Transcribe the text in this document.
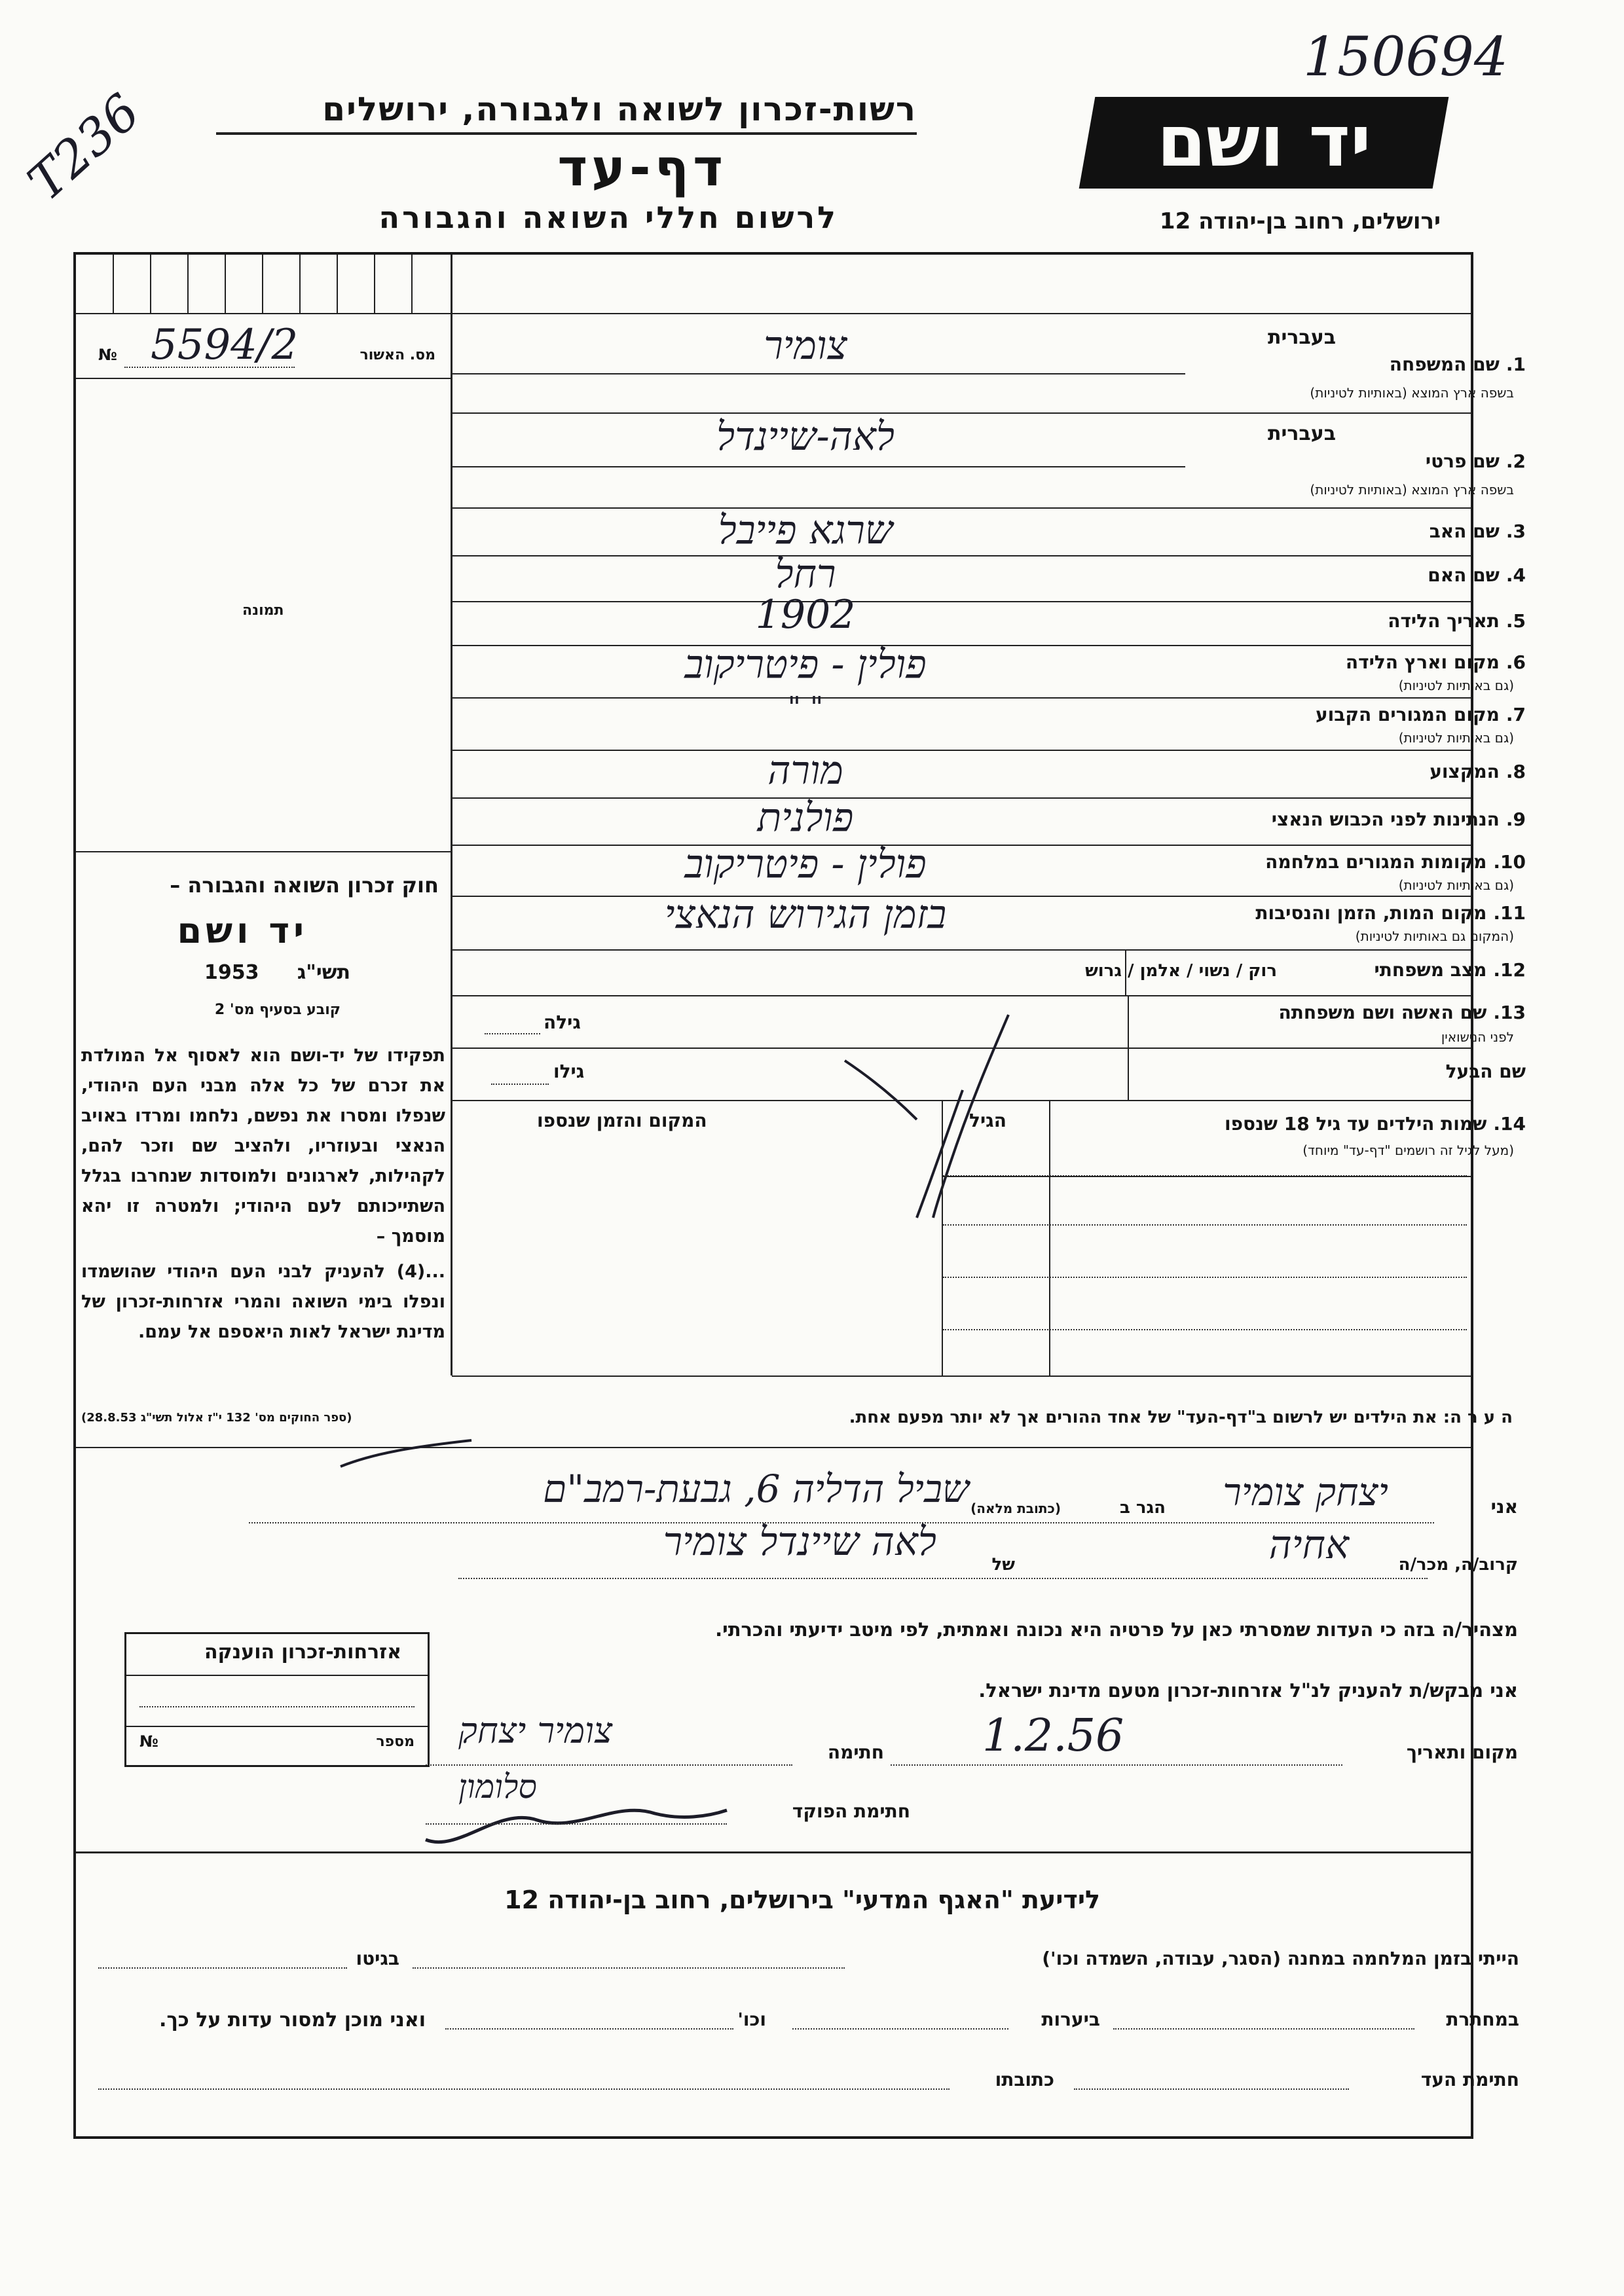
150694
T236	רשות-זכרון לשואה ולגבורה, ירושלים
דף-עד
לרשום חללי השואה והגבורה
יד ושם
ירושלים, רחוב בן-יהודה 12
מס. האשור
№ 5594/2
תמונה
חוק זכרון השואה והגבורה –
יד ושם
תשי"ג
1953
קובע בסעיף מס' 2
תפקידו של יד-ושם הוא לאסוף אל המולדת את זכרם של כל אלה מבני העם היהודי, שנפלו ומסרו את נפשם, נלחמו ומרדו באויב הנאצי ובעוזריו, ולהציב שם וזכר להם, לקהילות, לארגונים ולמוסדות שנחרבו בגלל השתייכותם לעם היהודי; ולמטרה זו יהא מוסמך –
...(4) להעניק לבני העם היהודי שהושמדו ונפלו בימי השואה והמרי אזרחות-זכרון של מדינת ישראל לאות היאספם אל עמם.
(ספר החוקים מס' 132 י"ז אלול תשי"ג 28.8.53)
בעברית
בעברית
1.שם המשפחה
בשפה ארץ המוצא (באותיות לטיניות)
צומיר
2.שם פרטי
בשפה ארץ המוצא (באותיות לטיניות)
לאה-שיינדל
3.שם האב
שרגא פייבל
4.שם האם
רחל
5.תאריך הלידה
1902
6.מקום וארץ הלידה
(גם באותיות לטיניות)
פולין - פיטריקוב
7.מקום המגורים הקבוע
(גם באותיות לטיניות)
" "
8.המקצוע
מורה
9.הנתינות לפני הכבוש הנאצי
פולנית
10.מקומות המגורים במלחמה
(גם באותיות לטיניות)
פולין - פיטריקוב
11.מקום המות, הזמן והנסיבות
(המקום גם באותיות לטיניות)
בזמן הגירוש הנאצי
12.מצב משפחתי
רוק / נשוי / אלמן / גרוש
13.שם האשה ושם משפחתה
לפני הנישואין
גילה
שם הבעל
גילו
14.שמות הילדים עד גיל 18 שנספו
(מעל לגיל זה רושמים "דף-עד" מיוחד)
הגיל
המקום והזמן שנספו
ה ע ר ה: את הילדים יש לרשום ב"דף-העד" של אחד ההורים אך לא יותר מפעם אחת.
אני
יצחק צומיר
הגר ב
(כתובת מלאה)
שביל הדליה 6, גבעת-רמב"ם
קרוב/ה, מכר/ה
אחיה
של
לאה שיינדל צומיר
מצהיר/ה בזה כי העדות שמסרתי כאן על פרטיה היא נכונה ואמתית, לפי מיטב ידיעתי והכרתי.
אני מבקש/ת להעניק לנ"ל אזרחות-זכרון מטעם מדינת ישראל.
מקום ותאריך
1.2.56
חתימה
צומיר יצחק
חתימת הפוקד
סלומון
אזרחות-זכרון הוענקה
מספר
№
לידיעת "האגף המדעי" בירושלים, רחוב בן-יהודה 12
הייתי בזמן המלחמה במחנה (הסגר, עבודה, השמדה וכו')
בגיטו
במחתרת
ביערות
וכו'
ואני מוכן למסור עדות על כך.
חתימת העד
כתובתו
